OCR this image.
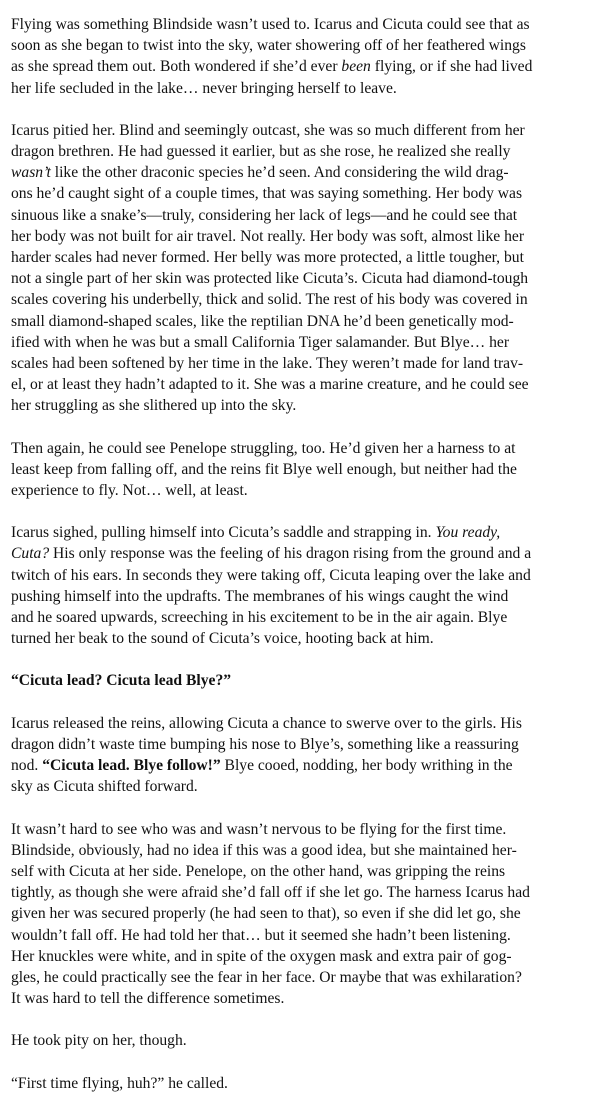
Flying was something Blindside wasn’t used to. Icarus and Cicuta could see that as
soon as she began to twist into the sky, water showering off of her feathered wings
as she spread them out. Both wondered if she’d ever been flying, or if she had lived
her life secluded in the lake… never bringing herself to leave.

Icarus pitied her. Blind and seemingly outcast, she was so much different from her
dragon brethren. He had guessed it earlier, but as she rose, he realized she really
wasn’t like the other draconic species he’d seen. And considering the wild drag-
ons he’d caught sight of a couple times, that was saying something. Her body was
sinuous like a snake’s—truly, considering her lack of legs—and he could see that
her body was not built for air travel. Not really. Her body was soft, almost like her
harder scales had never formed. Her belly was more protected, a little tougher, but
not a single part of her skin was protected like Cicuta’s. Cicuta had diamond-tough
scales covering his underbelly, thick and solid. The rest of his body was covered in
small diamond-shaped scales, like the reptilian DNA he’d been genetically mod-
ified with when he was but a small California Tiger salamander. But Blye… her
scales had been softened by her time in the lake. They weren’t made for land trav-
el, or at least they hadn’t adapted to it. She was a marine creature, and he could see
her struggling as she slithered up into the sky.

Then again, he could see Penelope struggling, too. He’d given her a harness to at
least keep from falling off, and the reins fit Blye well enough, but neither had the
experience to fly. Not… well, at least.

Icarus sighed, pulling himself into Cicuta’s saddle and strapping in. You ready,
Cuta? His only response was the feeling of his dragon rising from the ground and a
twitch of his ears. In seconds they were taking off, Cicuta leaping over the lake and
pushing himself into the updrafts. The membranes of his wings caught the wind
and he soared upwards, screeching in his excitement to be in the air again. Blye
turned her beak to the sound of Cicuta’s voice, hooting back at him.

“Cicuta lead? Cicuta lead Blye?”

Icarus released the reins, allowing Cicuta a chance to swerve over to the girls. His
dragon didn’t waste time bumping his nose to Blye’s, something like a reassuring
nod. “Cicuta lead. Blye follow!” Blye cooed, nodding, her body writhing in the
sky as Cicuta shifted forward.

It wasn’t hard to see who was and wasn’t nervous to be flying for the first time.
Blindside, obviously, had no idea if this was a good idea, but she maintained her-
self with Cicuta at her side. Penelope, on the other hand, was gripping the reins
tightly, as though she were afraid she’d fall off if she let go. The harness Icarus had
given her was secured properly (he had seen to that), so even if she did let go, she
wouldn’t fall off. He had told her that… but it seemed she hadn’t been listening.
Her knuckles were white, and in spite of the oxygen mask and extra pair of gog-
gles, he could practically see the fear in her face. Or maybe that was exhilaration?
It was hard to tell the difference sometimes.

He took pity on her, though.

“First time flying, huh?” he called.
